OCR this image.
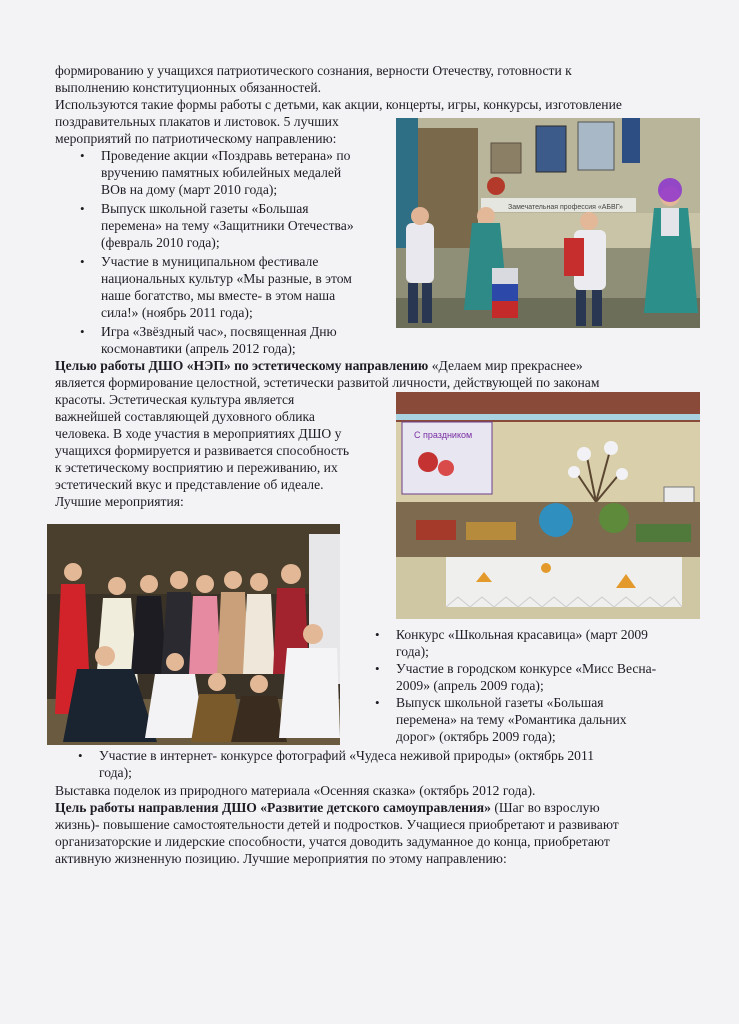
формированию у учащихся патриотического сознания, верности Отечеству, готовности к
выполнению конституционных обязанностей.
Используются такие формы работы с детьми, как акции, концерты, игры, конкурсы, изготовление
поздравительных плакатов и листовок. 5 лучших
мероприятий по патриотическому направлению:
• Проведение акции «Поздравь ветерана» по
вручению памятных юбилейных медалей
ВОв на дому (март 2010 года);
• Выпуск школьной газеты «Большая
перемена» на тему «Защитники Отечества»
(февраль 2010 года);
• Участие в муниципальном фестивале
национальных культур «Мы разные, в этом
наше богатство, мы вместе- в этом наша
сила!» (ноябрь 2011 года);
• Игра «Звёздный час», посвященная Дню
космонавтики (апрель 2012 года);
Замечательная профессия «АБВГ»
Целью работы ДШО «НЭП» по эстетическому направлению «Делаем мир прекраснее»
является формирование целостной, эстетически развитой личности, действующей по законам
красоты. Эстетическая культура является
важнейшей составляющей духовного облика
человека. В ходе участия в мероприятиях ДШО у
учащихся формируется и развивается способность
к эстетическому восприятию и переживанию, их
эстетический вкус и представление об идеале.
Лучшие мероприятия:
С праздником
• Конкурс «Школьная красавица» (март 2009
года);
• Участие в городском конкурсе «Мисс Весна-
2009» (апрель 2009 года);
• Выпуск школьной газеты «Большая
перемена» на тему «Романтика дальних
дорог» (октябрь 2009 года);
• Участие в интернет- конкурсе фотографий «Чудеса неживой природы» (октябрь 2011
года);
Выставка поделок из природного материала «Осенняя сказка» (октябрь 2012 года).
Цель работы направления ДШО «Развитие детского самоуправления» (Шаг во взрослую
жизнь)- повышение самостоятельности детей и подростков. Учащиеся приобретают и развивают
организаторские и лидерские способности, учатся доводить задуманное до конца, приобретают
активную жизненную позицию. Лучшие мероприятия по этому направлению:
